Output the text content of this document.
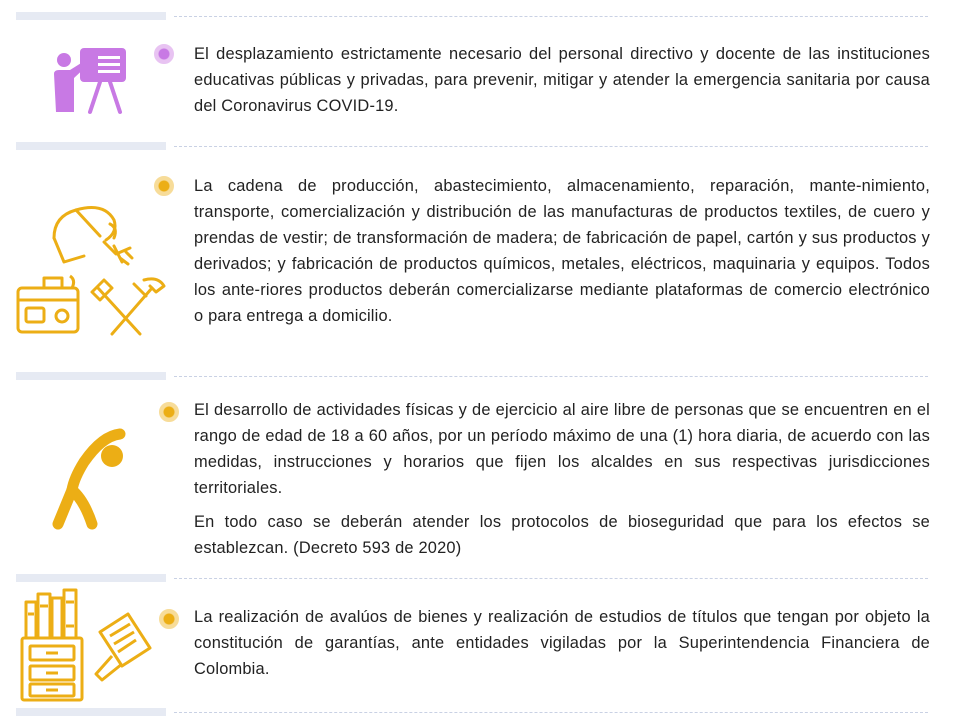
El desplazamiento estrictamente necesario del personal directivo y docente de las instituciones educativas públicas y privadas, para prevenir, mitigar y atender la emergencia sanitaria por causa del Coronavirus COVID-19.

La cadena de producción, abastecimiento, almacenamiento, reparación, mante-nimiento, transporte, comercialización y distribución de las manufacturas de productos textiles, de cuero y prendas de vestir; de transformación de madera; de fabricación de papel, cartón y sus productos y derivados; y fabricación de productos químicos, metales, eléctricos, maquinaria y equipos. Todos los ante-riores productos deberán comercializarse mediante plataformas de comercio electrónico o para entrega a domicilio.

El desarrollo de actividades físicas y de ejercicio al aire libre de personas que se encuentren en el rango de edad de 18 a 60 años, por un período máximo de una (1) hora diaria, de acuerdo con las medidas, instrucciones y horarios que fijen los alcaldes en sus respectivas jurisdicciones territoriales.

En todo caso se deberán atender los protocolos de bioseguridad que para los efectos se establezcan. (Decreto 593 de 2020)

La realización de avalúos de bienes y realización de estudios de títulos que tengan por objeto la constitución de garantías, ante entidades vigiladas por la Superintendencia Financiera de Colombia.
